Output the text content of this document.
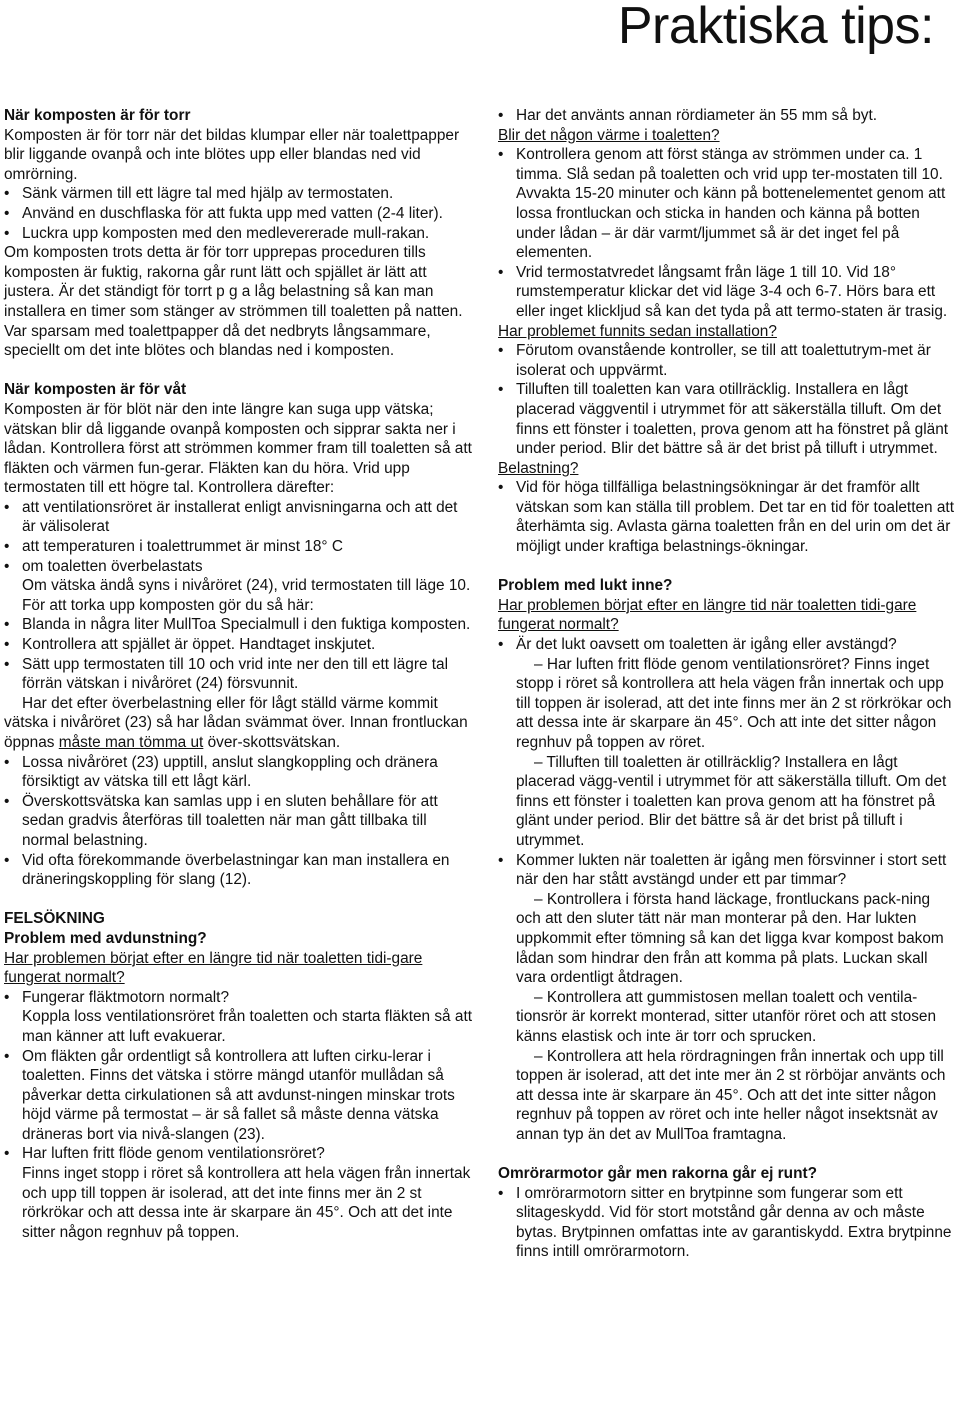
Praktiska tips:

När komposten är för torr

Komposten är för torr när det bildas klumpar eller när toalettpapper blir liggande ovanpå och inte blötes upp eller blandas ned vid omrörning.

• Sänk värmen till ett lägre tal med hjälp av termostaten.

• Använd en duschflaska för att fukta upp med vatten (2-4 liter).

• Luckra upp komposten med den medlevererade mull-rakan.

Om komposten trots detta är för torr upprepas proceduren tills komposten är fuktig, rakorna går runt lätt och spjället är lätt att justera. Är det ständigt för torrt p g a låg belastning så kan man installera en timer som stänger av strömmen till toaletten på natten. Var sparsam med toalettpapper då det nedbryts långsammare, speciellt om det inte blötes och blandas ned i komposten.

När komposten är för våt

Komposten är för blöt när den inte längre kan suga upp vätska; vätskan blir då liggande ovanpå komposten och sipprar sakta ner i lådan. Kontrollera först att strömmen kommer fram till toaletten så att fläkten och värmen fun-gerar. Fläkten kan du höra. Vrid upp termostaten till ett högre tal. Kontrollera därefter:

• att ventilationsröret är installerat enligt anvisningarna och att det är välisolerat

• att temperaturen i toalettrummet är minst 18° C

• om toaletten överbelastats

Om vätska ändå syns i nivåröret (24), vrid termostaten till läge 10.

För att torka upp komposten gör du så här:

• Blanda in några liter MullToa Specialmull i den fuktiga komposten.

• Kontrollera att spjället är öppet. Handtaget inskjutet.

• Sätt upp termostaten till 10 och vrid inte ner den till ett lägre tal förrän vätskan i nivåröret (24) försvunnit.

Har det efter överbelastning eller för lågt ställd värme kommit vätska i nivåröret (23) så har lådan svämmat över. Innan frontluckan öppnas måste man tömma ut över-skottsvätskan.

• Lossa nivåröret (23) upptill, anslut slangkoppling och dränera försiktigt av vätska till ett lågt kärl.

• Överskottsvätska kan samlas upp i en sluten behållare för att sedan gradvis återföras till toaletten när man gått tillbaka till normal belastning.

• Vid ofta förekommande överbelastningar kan man installera en dräneringskoppling för slang (12).

FELSÖKNING

Problem med avdunstning?

Har problemen börjat efter en längre tid när toaletten tidi-gare fungerat normalt?

• Fungerar fläktmotorn normalt?

Koppla loss ventilationsröret från toaletten och starta fläkten så att man känner att luft evakuerar.

• Om fläkten går ordentligt så kontrollera att luften cirku-lerar i toaletten. Finns det vätska i större mängd utanför mullådan så påverkar detta cirkulationen så att avdunst-ningen minskar trots höjd värme på termostat – är så fallet så måste denna vätska dräneras bort via nivå-slangen (23).

• Har luften fritt flöde genom ventilationsröret?

Finns inget stopp i röret så kontrollera att hela vägen från innertak och upp till toppen är isolerad, att det inte finns mer än 2 st rörkrökar och att dessa inte är skarpare än 45°. Och att det inte sitter någon regnhuv på toppen.

• Har det använts annan rördiameter än 55 mm så byt.

Blir det någon värme i toaletten?

• Kontrollera genom att först stänga av strömmen under ca. 1 timma. Slå sedan på toaletten och vrid upp ter-mostaten till 10. Avvakta 15-20 minuter och känn på bottenelementet genom att lossa frontluckan och sticka in handen och känna på botten under lådan – är där varmt/ljummet så är det inget fel på elementen.

• Vrid termostatvredet långsamt från läge 1 till 10. Vid 18° rumstemperatur klickar det vid läge 3-4 och 6-7. Hörs bara ett eller inget klickljud så kan det tyda på att termo-staten är trasig.

Har problemet funnits sedan installation?

• Förutom ovanstående kontroller, se till att toalettutrym-met är isolerat och uppvärmt.

• Tilluften till toaletten kan vara otillräcklig. Installera en lågt placerad väggventil i utrymmet för att säkerställa tilluft. Om det finns ett fönster i toaletten, prova genom att ha fönstret på glänt under period. Blir det bättre så är det brist på tilluft i utrymmet.

Belastning?

• Vid för höga tillfälliga belastningsökningar är det framför allt vätskan som kan ställa till problem. Det tar en tid för toaletten att återhämta sig. Avlasta gärna toaletten från en del urin om det är möjligt under kraftiga belastnings-ökningar.

Problem med lukt inne?

Har problemen börjat efter en längre tid när toaletten tidi-gare fungerat normalt?

• Är det lukt oavsett om toaletten är igång eller avstängd?

– Har luften fritt flöde genom ventilationsröret? Finns inget stopp i röret så kontrollera att hela vägen från innertak och upp till toppen är isolerad, att det inte finns mer än 2 st rörkrökar och att dessa inte är skarpare än 45°. Och att inte det sitter någon regnhuv på toppen av röret.

– Tilluften till toaletten är otillräcklig? Installera en lågt placerad vägg-ventil i utrymmet för att säkerställa tilluft. Om det finns ett fönster i toaletten kan prova genom att ha fönstret på glänt under period. Blir det bättre så är det brist på tilluft i utrymmet.

• Kommer lukten när toaletten är igång men försvinner i stort sett när den har stått avstängd under ett par timmar?

– Kontrollera i första hand läckage, frontluckans pack-ning och att den sluter tätt när man monterar på den. Har lukten uppkommit efter tömning så kan det ligga kvar kompost bakom lådan som hindrar den från att komma på plats. Luckan skall vara ordentligt åtdragen.

– Kontrollera att gummistosen mellan toalett och ventila-tionsrör är korrekt monterad, sitter utanför röret och att stosen känns elastisk och inte är torr och sprucken.

– Kontrollera att hela rördragningen från innertak och upp till toppen är isolerad, att det inte mer än 2 st rörböjar använts och att dessa inte är skarpare än 45°. Och att det inte sitter någon regnhuv på toppen av röret och inte heller något insektsnät av annan typ än det av MullToa framtagna.

Omrörarmotor går men rakorna går ej runt?

• I omrörarmotorn sitter en brytpinne som fungerar som ett slitageskydd. Vid för stort motstånd går denna av och måste bytas. Brytpinnen omfattas inte av garantiskydd. Extra brytpinne finns intill omrörarmotorn.
